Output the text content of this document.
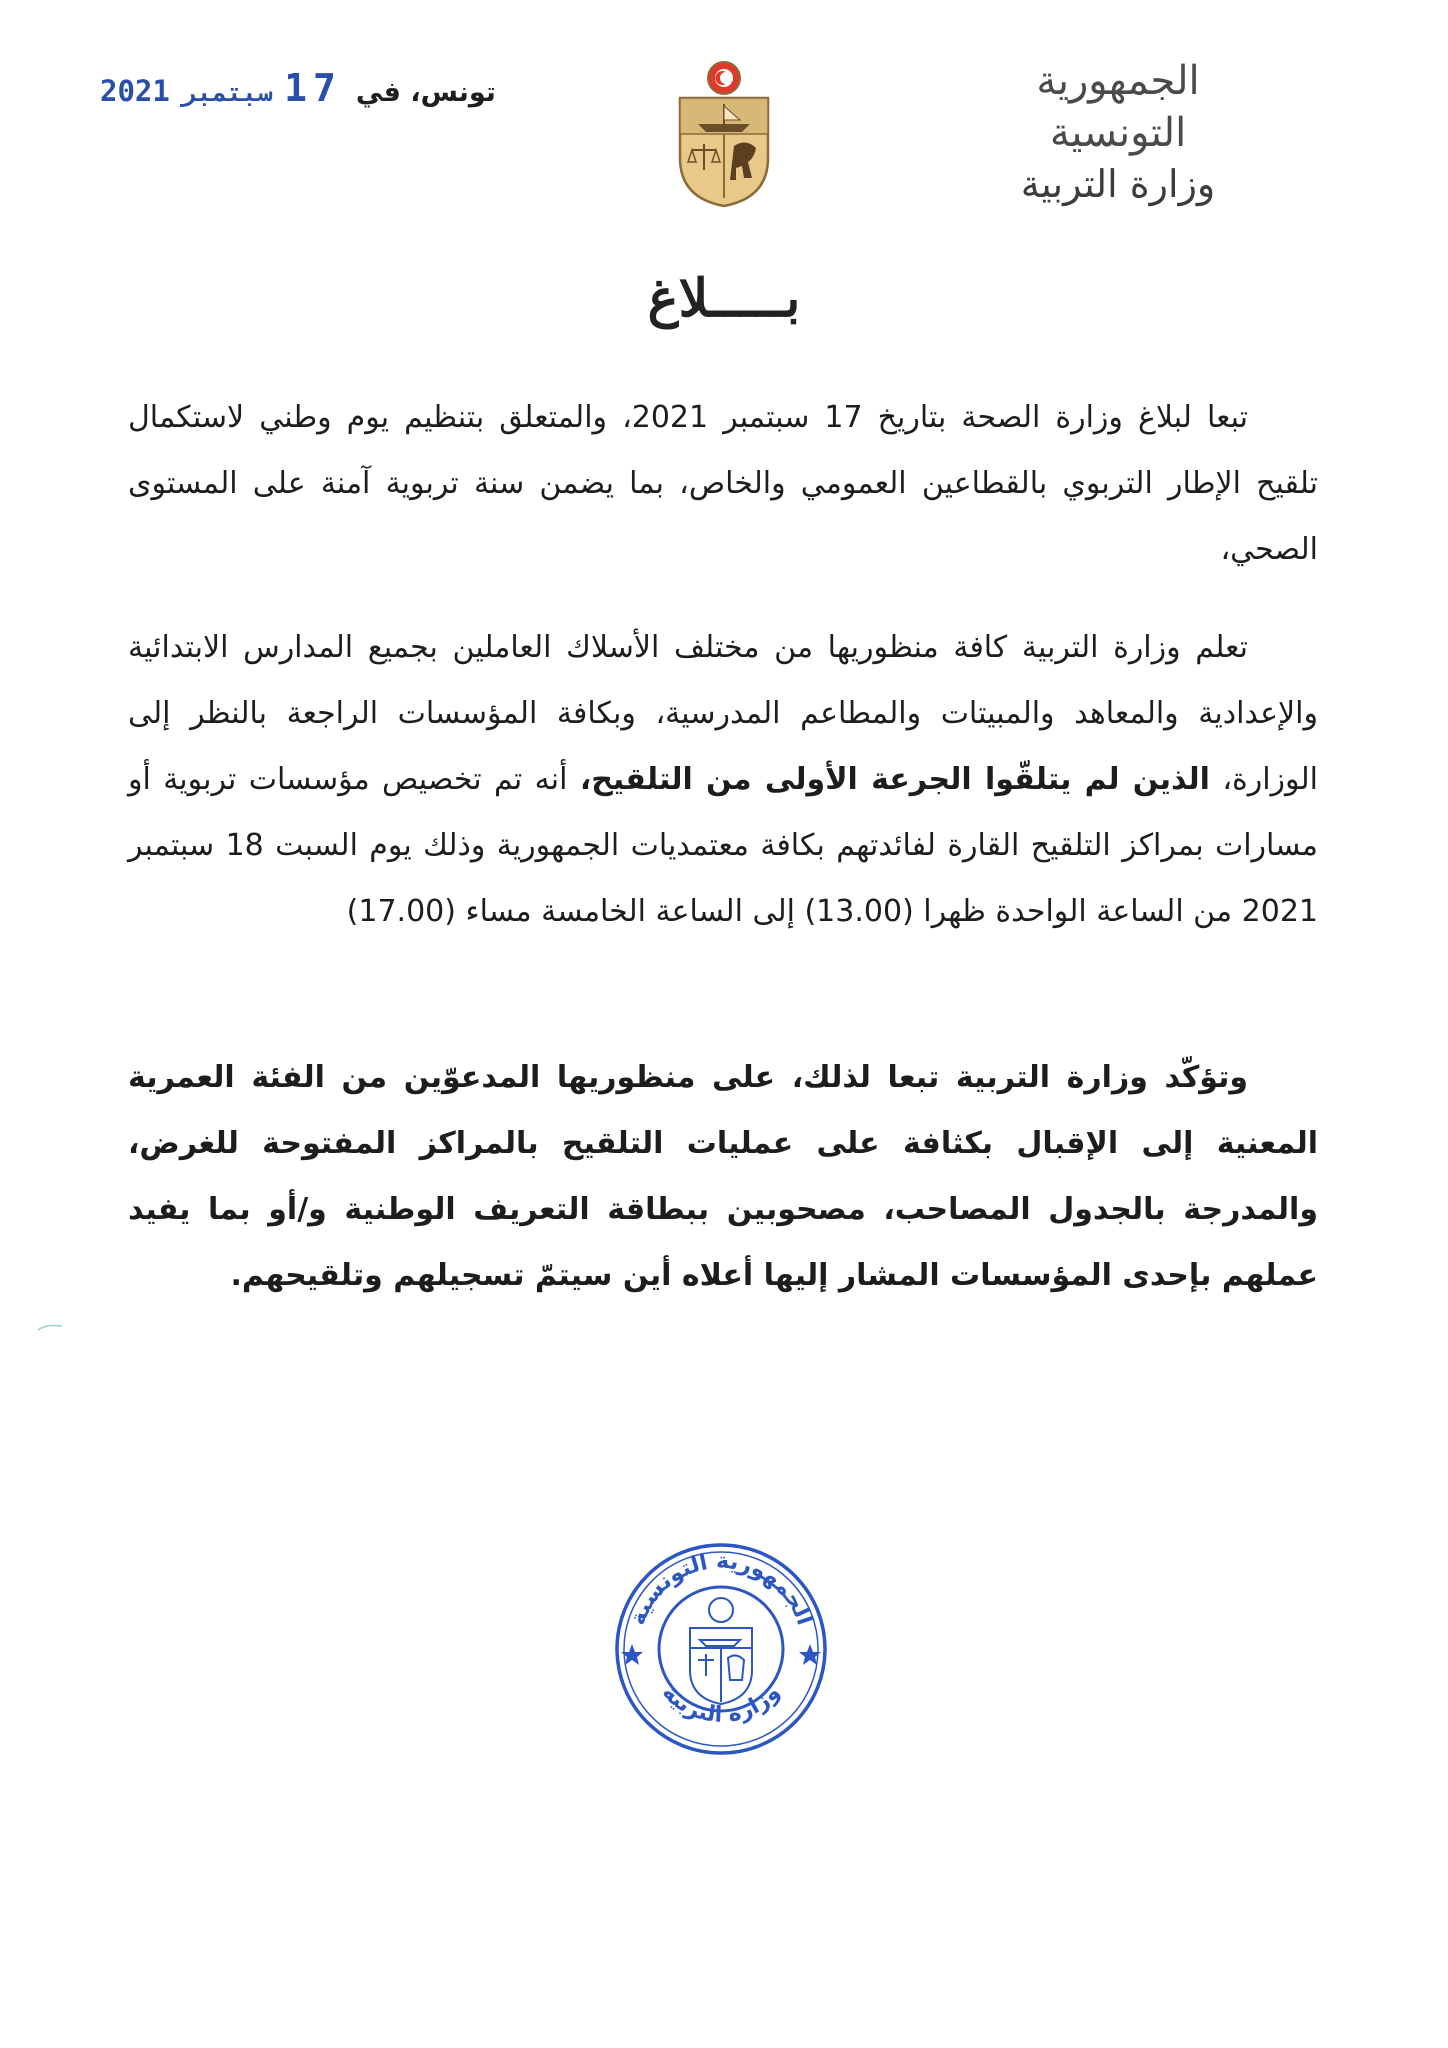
الجمهورية التونسية
وزارة التربية
تونس، في
17
سبتمبر
2021
بـــــلاغ
تبعا لبلاغ وزارة الصحة بتاريخ 17 سبتمبر 2021، والمتعلق بتنظيم يوم وطني لاستكمال تلقيح الإطار التربوي بالقطاعين العمومي والخاص، بما يضمن سنة تربوية آمنة على المستوى الصحي،
تعلم وزارة التربية كافة منظوريها من مختلف الأسلاك العاملين بجميع المدارس الابتدائية والإعدادية والمعاهد والمبيتات والمطاعم المدرسية، وبكافة المؤسسات الراجعة بالنظر إلى الوزارة، الذين لم يتلقّوا الجرعة الأولى من التلقيح، أنه تم تخصيص مؤسسات تربوية أو مسارات بمراكز التلقيح القارة لفائدتهم بكافة معتمديات الجمهورية وذلك يوم السبت 18 سبتمبر 2021 من الساعة الواحدة ظهرا (13.00) إلى الساعة الخامسة مساء (17.00)
وتؤكّد وزارة التربية تبعا لذلك، على منظوريها المدعوّين من الفئة العمرية المعنية إلى الإقبال بكثافة على عمليات التلقيح بالمراكز المفتوحة للغرض، والمدرجة بالجدول المصاحب، مصحوبين ببطاقة التعريف الوطنية و/أو بما يفيد عملهم بإحدى المؤسسات المشار إليها أعلاه أين سيتمّ تسجيلهم وتلقيحهم.
الجمهورية التونسية
وزارة التربية
